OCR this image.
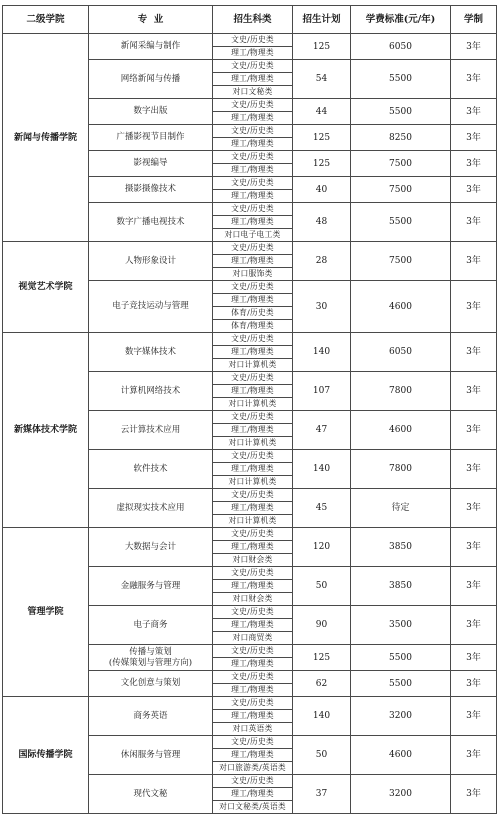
二级学院	专  业	招生科类	招生计划	学费标准(元/年)	学制
新闻与传播学院	新闻采编与制作	文史/历史类	125	6050	3年
		理工/物理类			
	网络新闻与传播	文史/历史类	54	5500	3年
		理工/物理类			
		对口文秘类			
	数字出版	文史/历史类	44	5500	3年
		理工/物理类			
	广播影视节目制作	文史/历史类	125	8250	3年
		理工/物理类			
	影视编导	文史/历史类	125	7500	3年
		理工/物理类			
	摄影摄像技术	文史/历史类	40	7500	3年
		理工/物理类			
	数字广播电视技术	文史/历史类	48	5500	3年
		理工/物理类			
		对口电子电工类			
视觉艺术学院	人物形象设计	文史/历史类	28	7500	3年
		理工/物理类			
		对口服饰类			
	电子竞技运动与管理	文史/历史类	30	4600	3年
		理工/物理类			
		体育/历史类			
		体育/物理类			
新媒体技术学院	数字媒体技术	文史/历史类	140	6050	3年
		理工/物理类			
		对口计算机类			
	计算机网络技术	文史/历史类	107	7800	3年
		理工/物理类			
		对口计算机类			
	云计算技术应用	文史/历史类	47	4600	3年
		理工/物理类			
		对口计算机类			
	软件技术	文史/历史类	140	7800	3年
		理工/物理类			
		对口计算机类			
	虚拟现实技术应用	文史/历史类	45	待定	3年
		理工/物理类			
		对口计算机类			
管理学院	大数据与会计	文史/历史类	120	3850	3年
		理工/物理类			
		对口财会类			
	金融服务与管理	文史/历史类	50	3850	3年
		理工/物理类			
		对口财会类			
	电子商务	文史/历史类	90	3500	3年
		理工/物理类			
		对口商贸类			
	传播与策划
(传媒策划与管理方向)	文史/历史类	125	5500	3年
		理工/物理类			
	文化创意与策划	文史/历史类	62	5500	3年
		理工/物理类			
国际传播学院	商务英语	文史/历史类	140	3200	3年
		理工/物理类			
		对口英语类			
	休闲服务与管理	文史/历史类	50	4600	3年
		理工/物理类			
		对口旅游类/英语类			
	现代文秘	文史/历史类	37	3200	3年
		理工/物理类			
		对口文秘类/英语类			
